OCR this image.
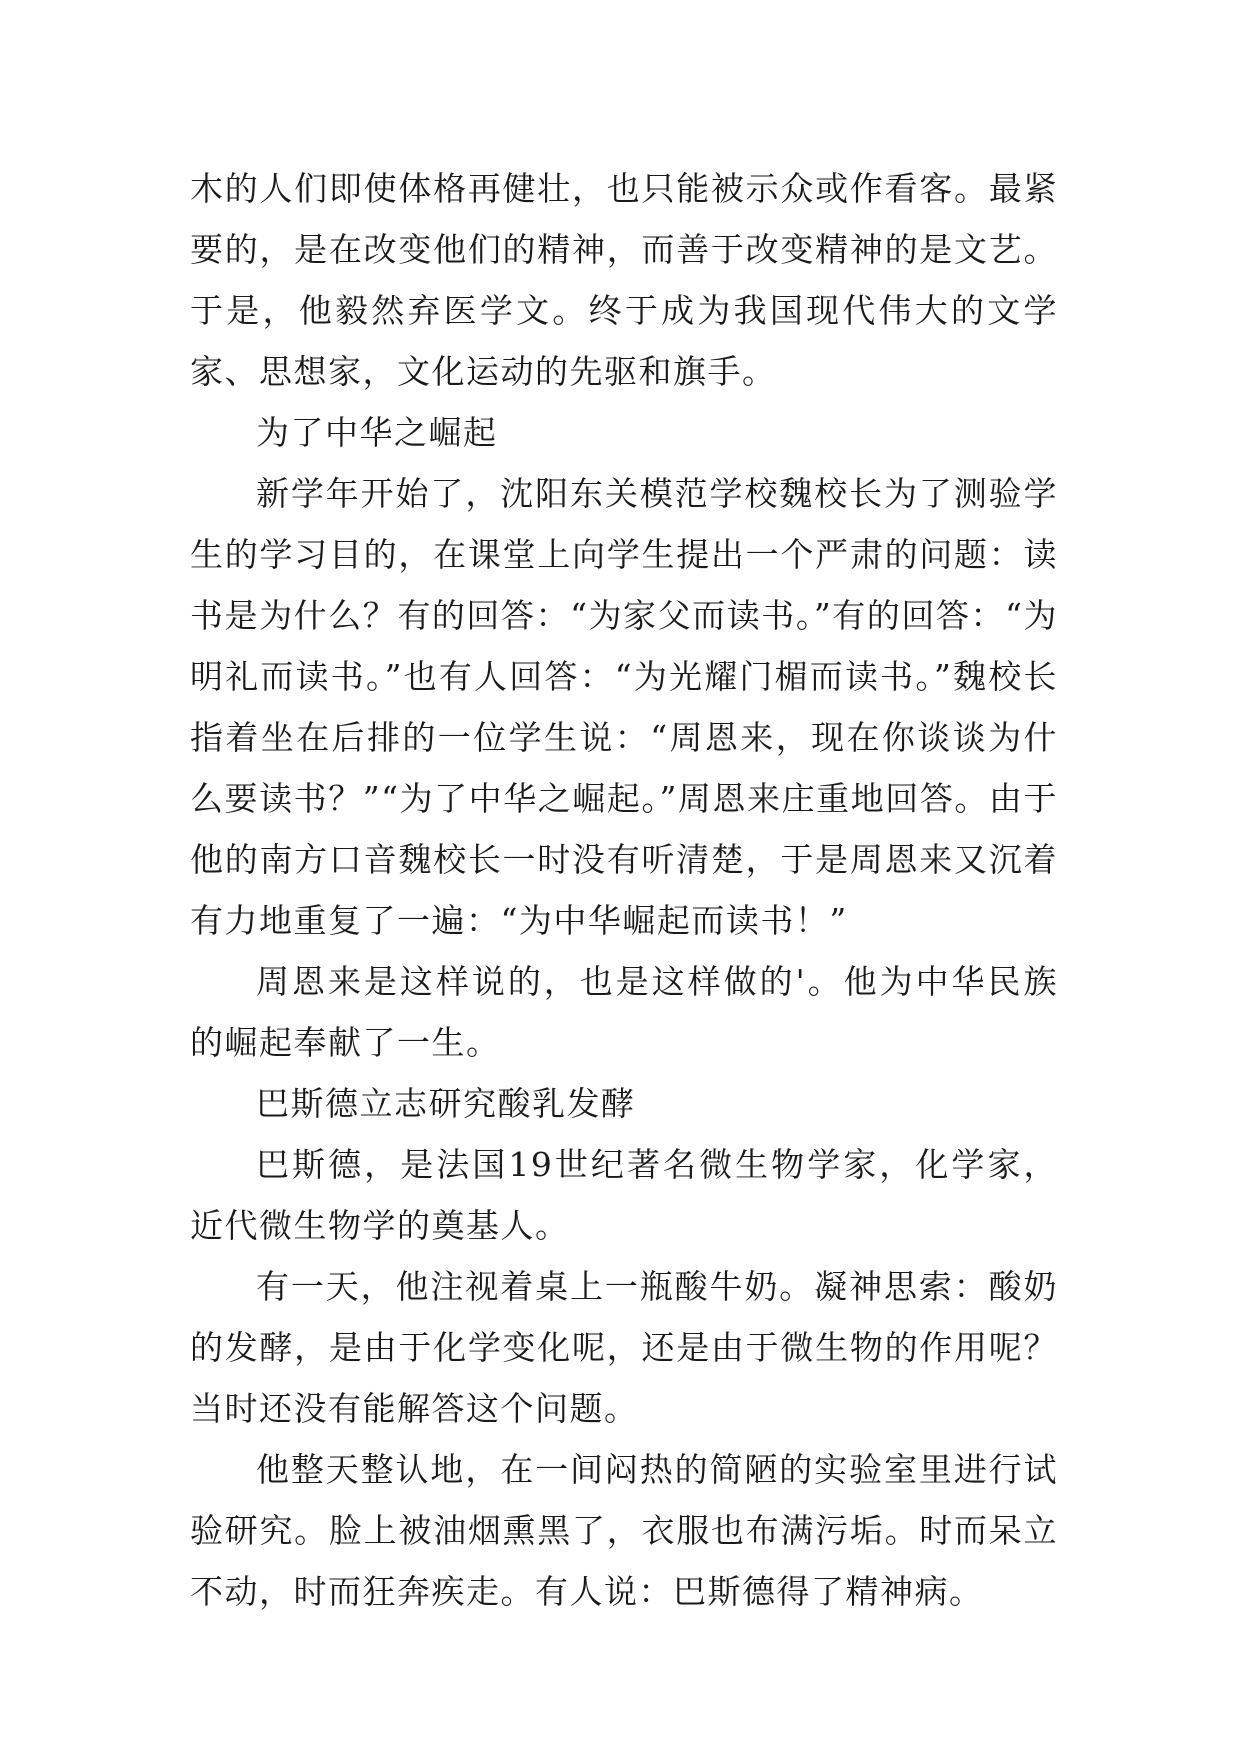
木的人们即使体格再健壮，也只能被示众或作看客。最紧要的，是在改变他们的精神，而善于改变精神的是文艺。于是，他毅然弃医学文。终于成为我国现代伟大的文学家、思想家，文化运动的先驱和旗手。

为了中华之崛起

新学年开始了，沈阳东关模范学校魏校长为了测验学生的学习目的，在课堂上向学生提出一个严肃的问题：读书是为什么？有的回答：“为家父而读书。”有的回答：“为明礼而读书。”也有人回答：“为光耀门楣而读书。”魏校长指着坐在后排的一位学生说：“周恩来，现在你谈谈为什么要读书？”“为了中华之崛起。”周恩来庄重地回答。由于他的南方口音魏校长一时没有听清楚，于是周恩来又沉着有力地重复了一遍：“为中华崛起而读书！”

周恩来是这样说的，也是这样做的'。他为中华民族的崛起奉献了一生。

巴斯德立志研究酸乳发酵

巴斯德，是法国19世纪著名微生物学家，化学家，近代微生物学的奠基人。

有一天，他注视着桌上一瓶酸牛奶。凝神思索：酸奶的发酵，是由于化学变化呢，还是由于微生物的作用呢？当时还没有能解答这个问题。

他整天整认地，在一间闷热的简陋的实验室里进行试验研究。脸上被油烟熏黑了，衣服也布满污垢。时而呆立不动，时而狂奔疾走。有人说：巴斯德得了精神病。
